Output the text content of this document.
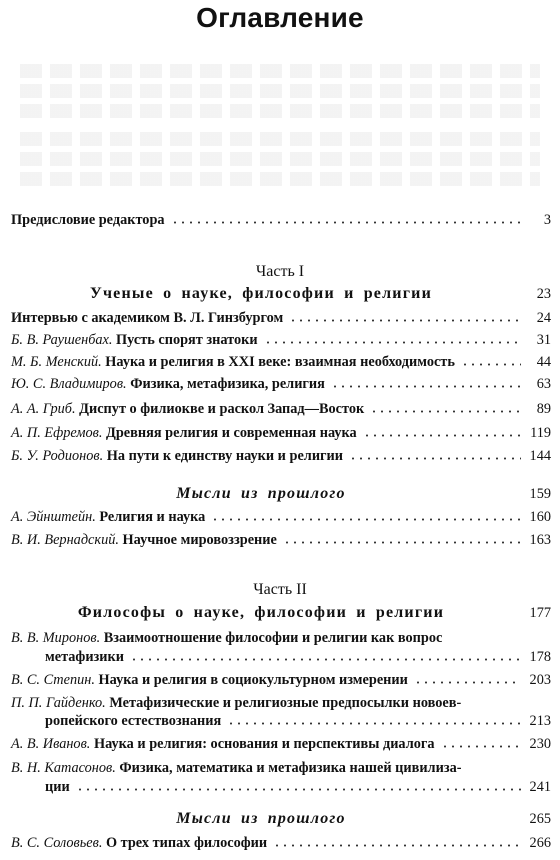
Оглавление
Предисловие редактора	3
Часть I
Ученые о науке, философии и религии	23
Интервью с академиком В. Л. Гинзбургом	24
Б. В. Раушенбах. Пусть спорят знатоки	31
М. Б. Менский. Наука и религия в XXI веке: взаимная необходимость	44
Ю. С. Владимиров. Физика, метафизика, религия	63
А. А. Гриб. Диспут о филиокве и раскол Запад—Восток	89
А. П. Ефремов. Древняя религия и современная наука	119
Б. У. Родионов. На пути к единству науки и религии	144
Мысли из прошлого	159
А. Эйнштейн. Религия и наука	160
В. И. Вернадский. Научное мировоззрение	163
Часть II
Философы о науке, философии и религии	177
В. В. Миронов. Взаимоотношение философии и религии как вопрос
метафизики	178
В. С. Степин. Наука и религия в социокультурном измерении	203
П. П. Гайденко. Метафизические и религиозные предпосылки новоев-
ропейского естествознания	213
А. В. Иванов. Наука и религия: основания и перспективы диалога	230
В. Н. Катасонов. Физика, математика и метафизика нашей цивилиза-
ции	241
Мысли из прошлого	265
В. С. Соловьев. О трех типах философии	266
